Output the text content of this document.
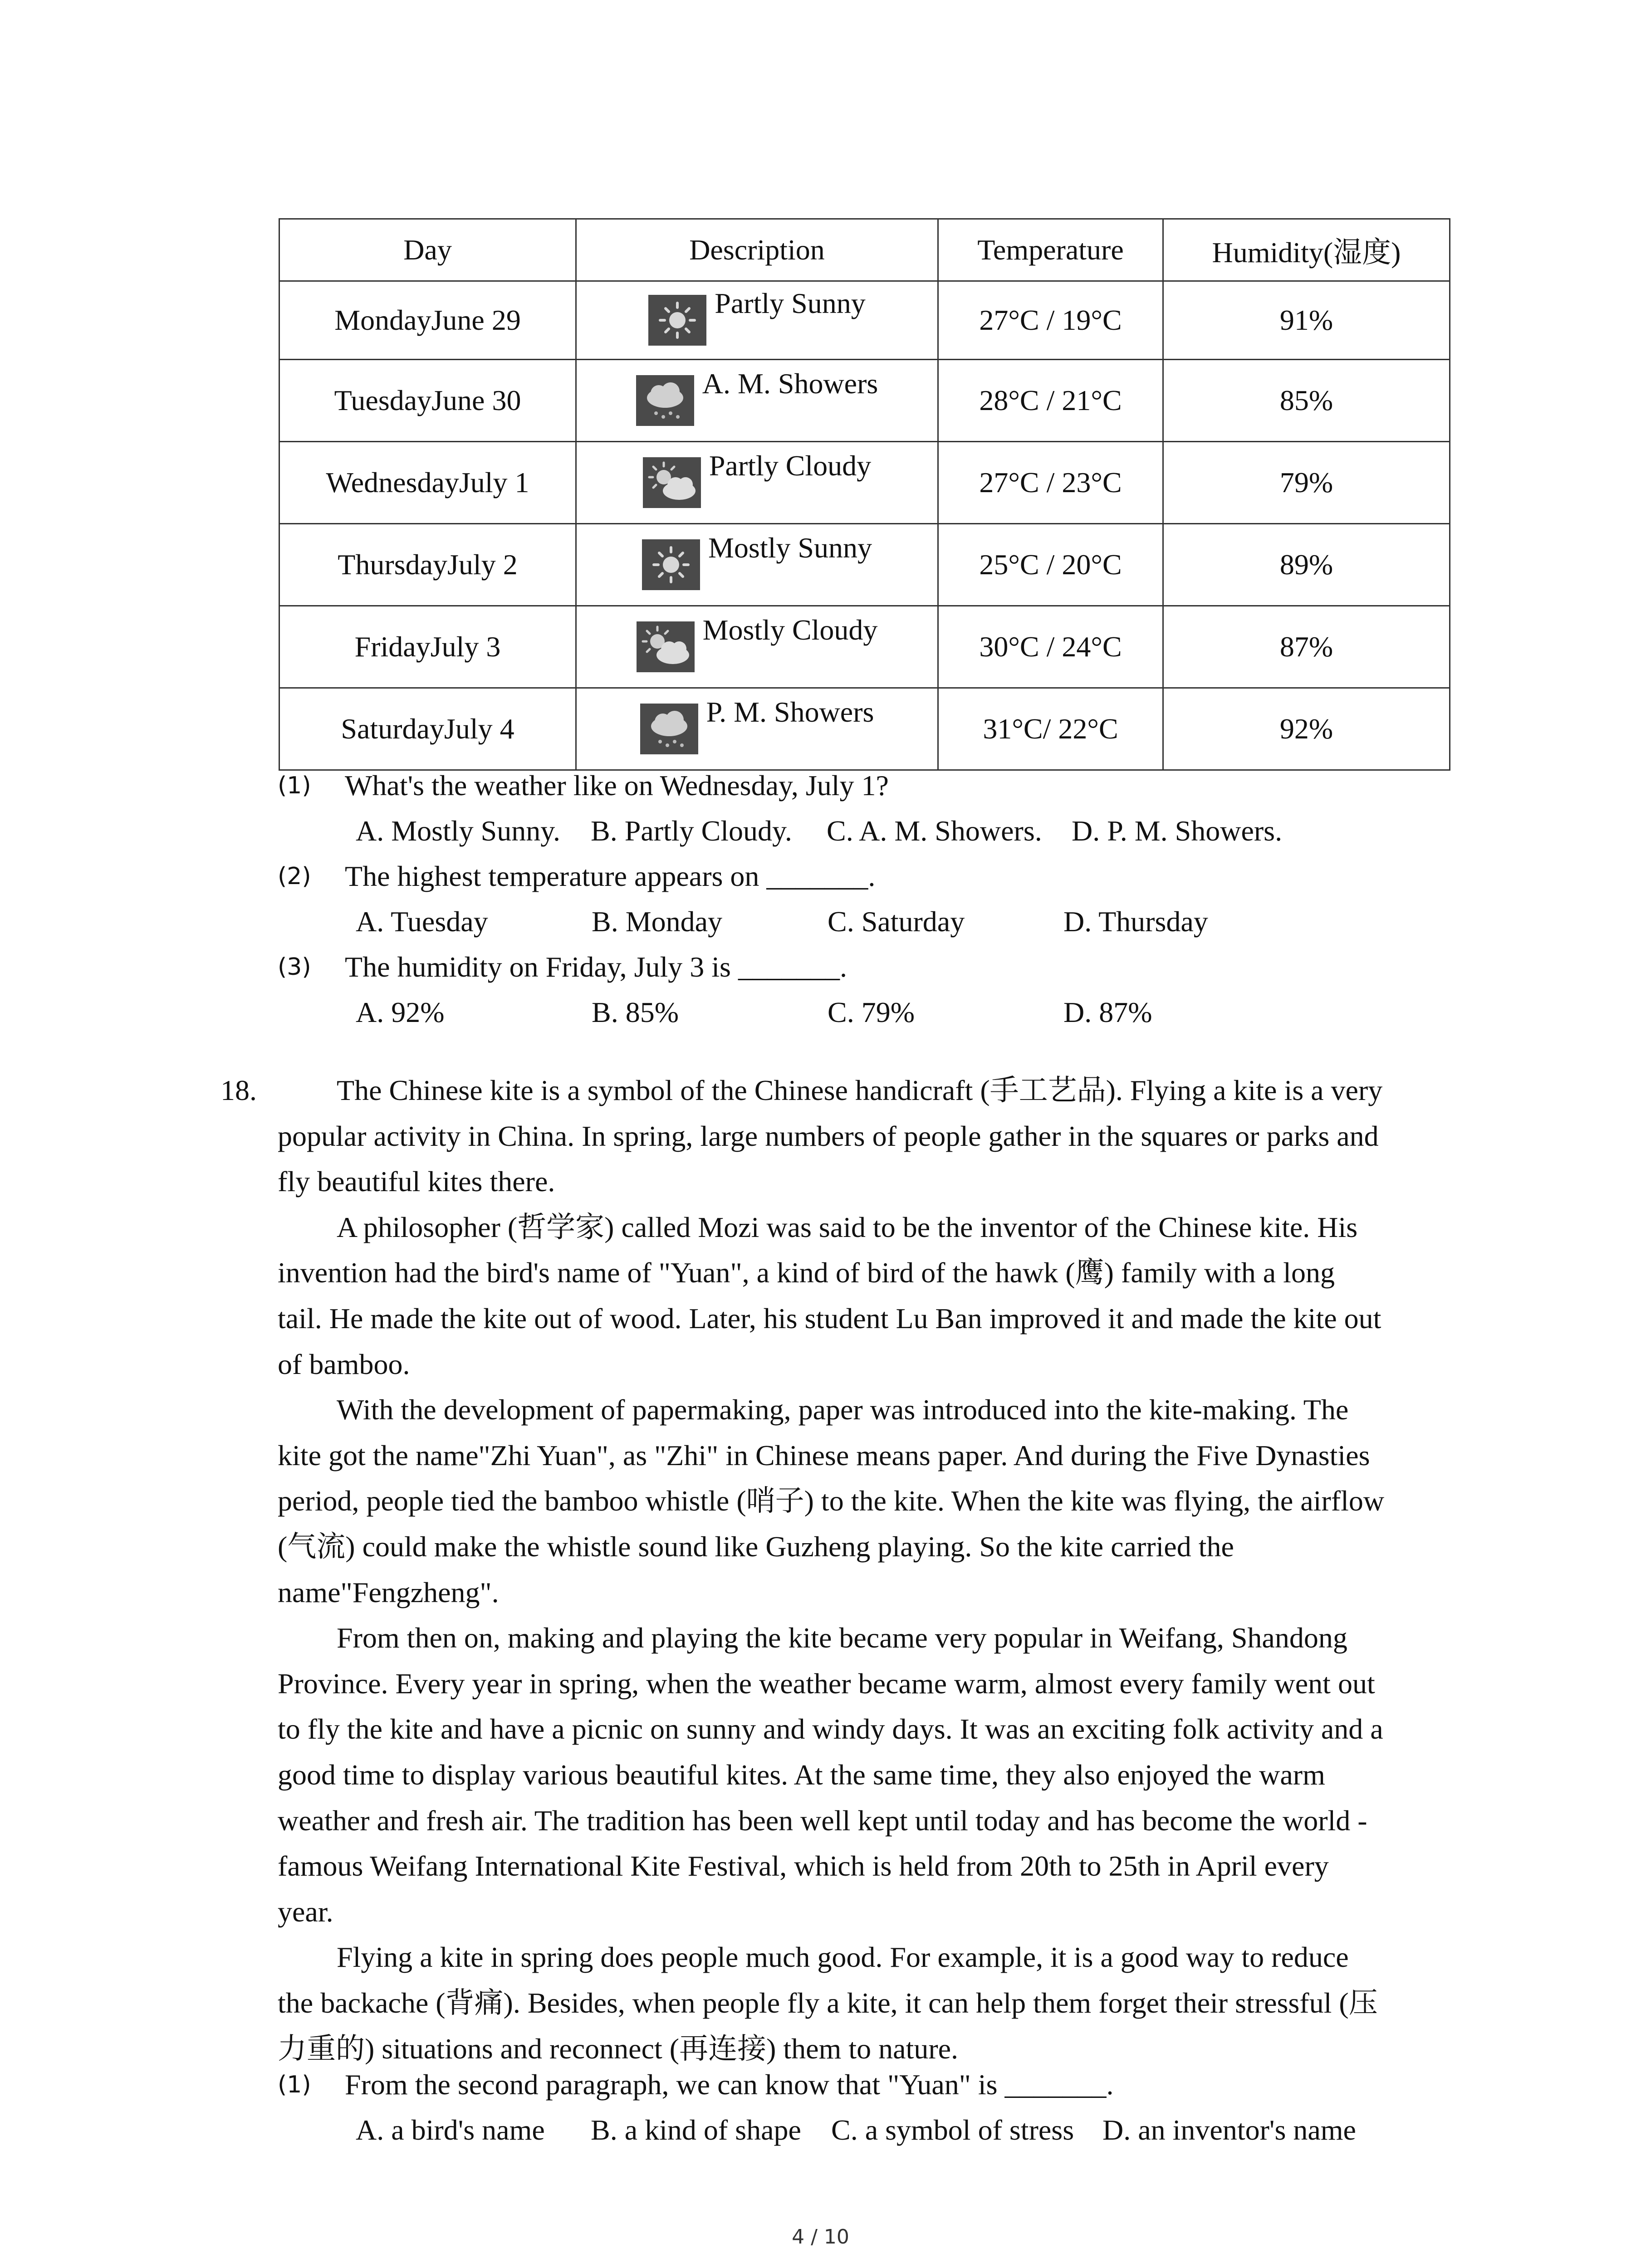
Day	Description	Temperature	Humidity(湿度)
MondayJune 29	Partly Sunny	27°C / 19°C	91%
TuesdayJune 30	A. M. Showers	28°C / 21°C	85%
WednesdayJuly 1	Partly Cloudy	27°C / 23°C	79%
ThursdayJuly 2	Mostly Sunny	25°C / 20°C	89%
FridayJuly 3	Mostly Cloudy	30°C / 24°C	87%
SaturdayJuly 4	P. M. Showers	31°C/ 22°C	92%
(1) What's the weather like on Wednesday, July 1?
A. Mostly Sunny. B. Partly Cloudy. C. A. M. Showers. D. P. M. Showers.
(2) The highest temperature appears on _______.
A. Tuesday	B. Monday	C. Saturday	D. Thursday
(3) The humidity on Friday, July 3 is _______.
A. 92%	B. 85%	C. 79%	D. 87%
18.	The Chinese kite is a symbol of the Chinese handicraft (手工艺品). Flying a kite is a very
popular activity in China. In spring, large numbers of people gather in the squares or parks and
fly beautiful kites there.
A philosopher (哲学家) called Mozi was said to be the inventor of the Chinese kite. His
invention had the bird's name of "Yuan", a kind of bird of the hawk (鹰) family with a long
tail. He made the kite out of wood. Later, his student Lu Ban improved it and made the kite out
of bamboo.
With the development of papermaking, paper was introduced into the kite-making. The
kite got the name"Zhi Yuan", as "Zhi" in Chinese means paper. And during the Five Dynasties
period, people tied the bamboo whistle (哨子) to the kite. When the kite was flying, the airflow
(气流) could make the whistle sound like Guzheng playing. So the kite carried the
name"Fengzheng".
From then on, making and playing the kite became very popular in Weifang, Shandong
Province. Every year in spring, when the weather became warm, almost every family went out
to fly the kite and have a picnic on sunny and windy days. It was an exciting folk activity and a
good time to display various beautiful kites. At the same time, they also enjoyed the warm
weather and fresh air. The tradition has been well kept until today and has become the world -
famous Weifang International Kite Festival, which is held from 20th to 25th in April every
year.
Flying a kite in spring does people much good. For example, it is a good way to reduce
the backache (背痛). Besides, when people fly a kite, it can help them forget their stressful (压
力重的) situations and reconnect (再连接) them to nature.
(1) From the second paragraph, we can know that "Yuan" is _______.
A. a bird's name B. a kind of shape C. a symbol of stress D. an inventor's name
4 / 10
